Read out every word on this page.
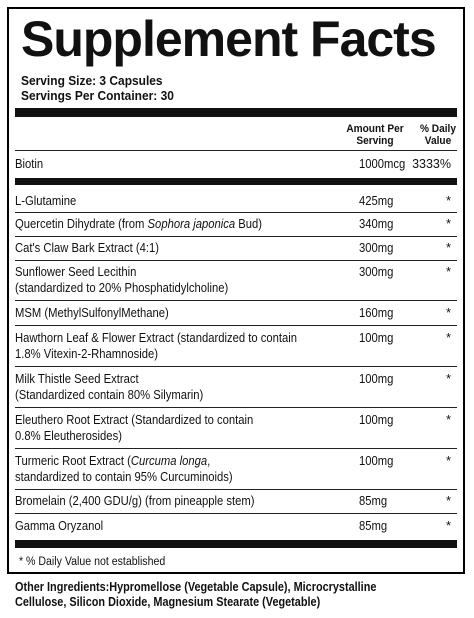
Supplement Facts
Serving Size: 3 Capsules
Servings Per Container: 30
Amount Per
Serving
% Daily
Value
Biotin	1000mcg 3333%
L-Glutamine	425mg	*
Quercetin Dihydrate (from Sophora japonica Bud)	340mg	*
Cat's Claw Bark Extract (4:1)	300mg	*
Sunflower Seed Lecithin
(standardized to 20% Phosphatidylcholine)
300mg	*
MSM (MethylSulfonylMethane)	160mg	*
Hawthorn Leaf & Flower Extract (standardized to contain
1.8% Vitexin-2-Rhamnoside)
100mg	*
Milk Thistle Seed Extract
(Standardized contain 80% Silymarin)
100mg	*
Eleuthero Root Extract (Standardized to contain
0.8% Eleutherosides)
100mg	*
Turmeric Root Extract (Curcuma longa,
standardized to contain 95% Curcuminoids)
100mg	*
Bromelain (2,400 GDU/g) (from pineapple stem)	85mg	*
Gamma Oryzanol	85mg	*
* % Daily Value not established
Other Ingredients:Hypromellose (Vegetable Capsule), Microcrystalline
Cellulose, Silicon Dioxide, Magnesium Stearate (Vegetable)
